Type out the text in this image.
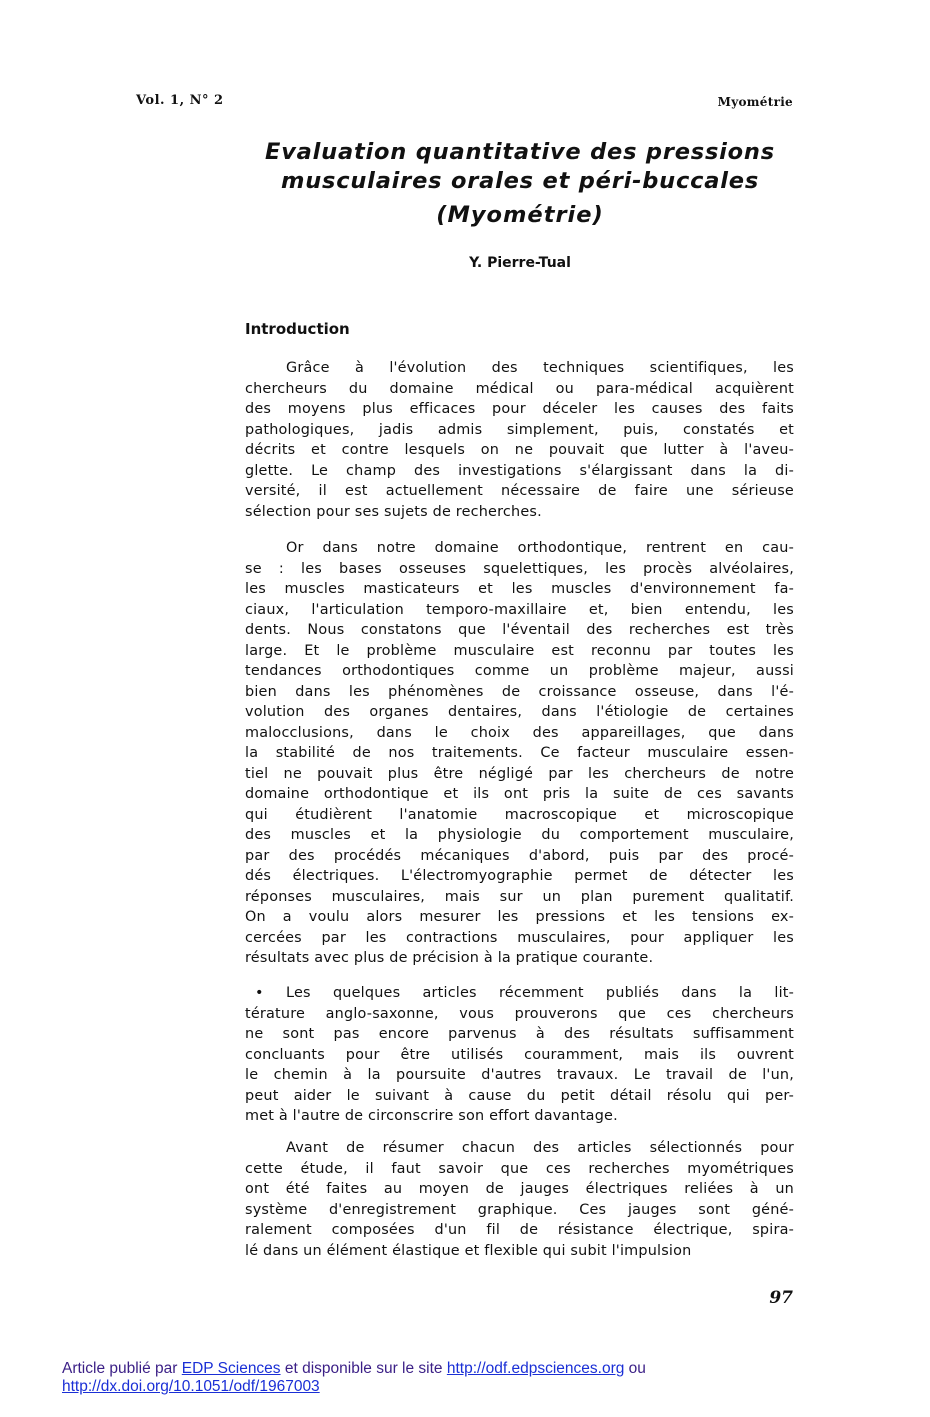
Vol. 1, N° 2	Myométrie
Evaluation quantitative des pressions
musculaires orales et péri-buccales
(Myométrie)
Y. Pierre-Tual
Introduction
Grâce à l'évolution des techniques scientifiques, les
chercheurs du domaine médical ou para-médical acquièrent
des moyens plus efficaces pour déceler les causes des faits
pathologiques, jadis admis simplement, puis, constatés et
décrits et contre lesquels on ne pouvait que lutter à l'aveu-
glette. Le champ des investigations s'élargissant dans la di-
versité, il est actuellement nécessaire de faire une sérieuse
sélection pour ses sujets de recherches.
Or dans notre domaine orthodontique, rentrent en cau-
se : les bases osseuses squelettiques, les procès alvéolaires,
les muscles masticateurs et les muscles d'environnement fa-
ciaux, l'articulation temporo-maxillaire et, bien entendu, les
dents. Nous constatons que l'éventail des recherches est très
large. Et le problème musculaire est reconnu par toutes les
tendances orthodontiques comme un problème majeur, aussi
bien dans les phénomènes de croissance osseuse, dans l'é-
volution des organes dentaires, dans l'étiologie de certaines
malocclusions, dans le choix des appareillages, que dans
la stabilité de nos traitements. Ce facteur musculaire essen-
tiel ne pouvait plus être négligé par les chercheurs de notre
domaine orthodontique et ils ont pris la suite de ces savants
qui étudièrent l'anatomie macroscopique et microscopique
des muscles et la physiologie du comportement musculaire,
par des procédés mécaniques d'abord, puis par des procé-
dés électriques. L'électromyographie permet de détecter les
réponses musculaires, mais sur un plan purement qualitatif.
On a voulu alors mesurer les pressions et les tensions ex-
cercées par les contractions musculaires, pour appliquer les
résultats avec plus de précision à la pratique courante.
Les quelques articles récemment publiés dans la lit-
•
térature anglo-saxonne, vous prouverons que ces chercheurs
ne sont pas encore parvenus à des résultats suffisamment
concluants pour être utilisés couramment, mais ils ouvrent
le chemin à la poursuite d'autres travaux. Le travail de l'un,
peut aider le suivant à cause du petit détail résolu qui per-
met à l'autre de circonscrire son effort davantage.
Avant de résumer chacun des articles sélectionnés pour
cette étude, il faut savoir que ces recherches myométriques
ont été faites au moyen de jauges électriques reliées à un
système d'enregistrement graphique. Ces jauges sont géné-
ralement composées d'un fil de résistance électrique, spira-
lé dans un élément élastique et flexible qui subit l'impulsion
97
Article publié par EDP Sciences et disponible sur le site http://odf.edpsciences.org ou
http://dx.doi.org/10.1051/odf/1967003
